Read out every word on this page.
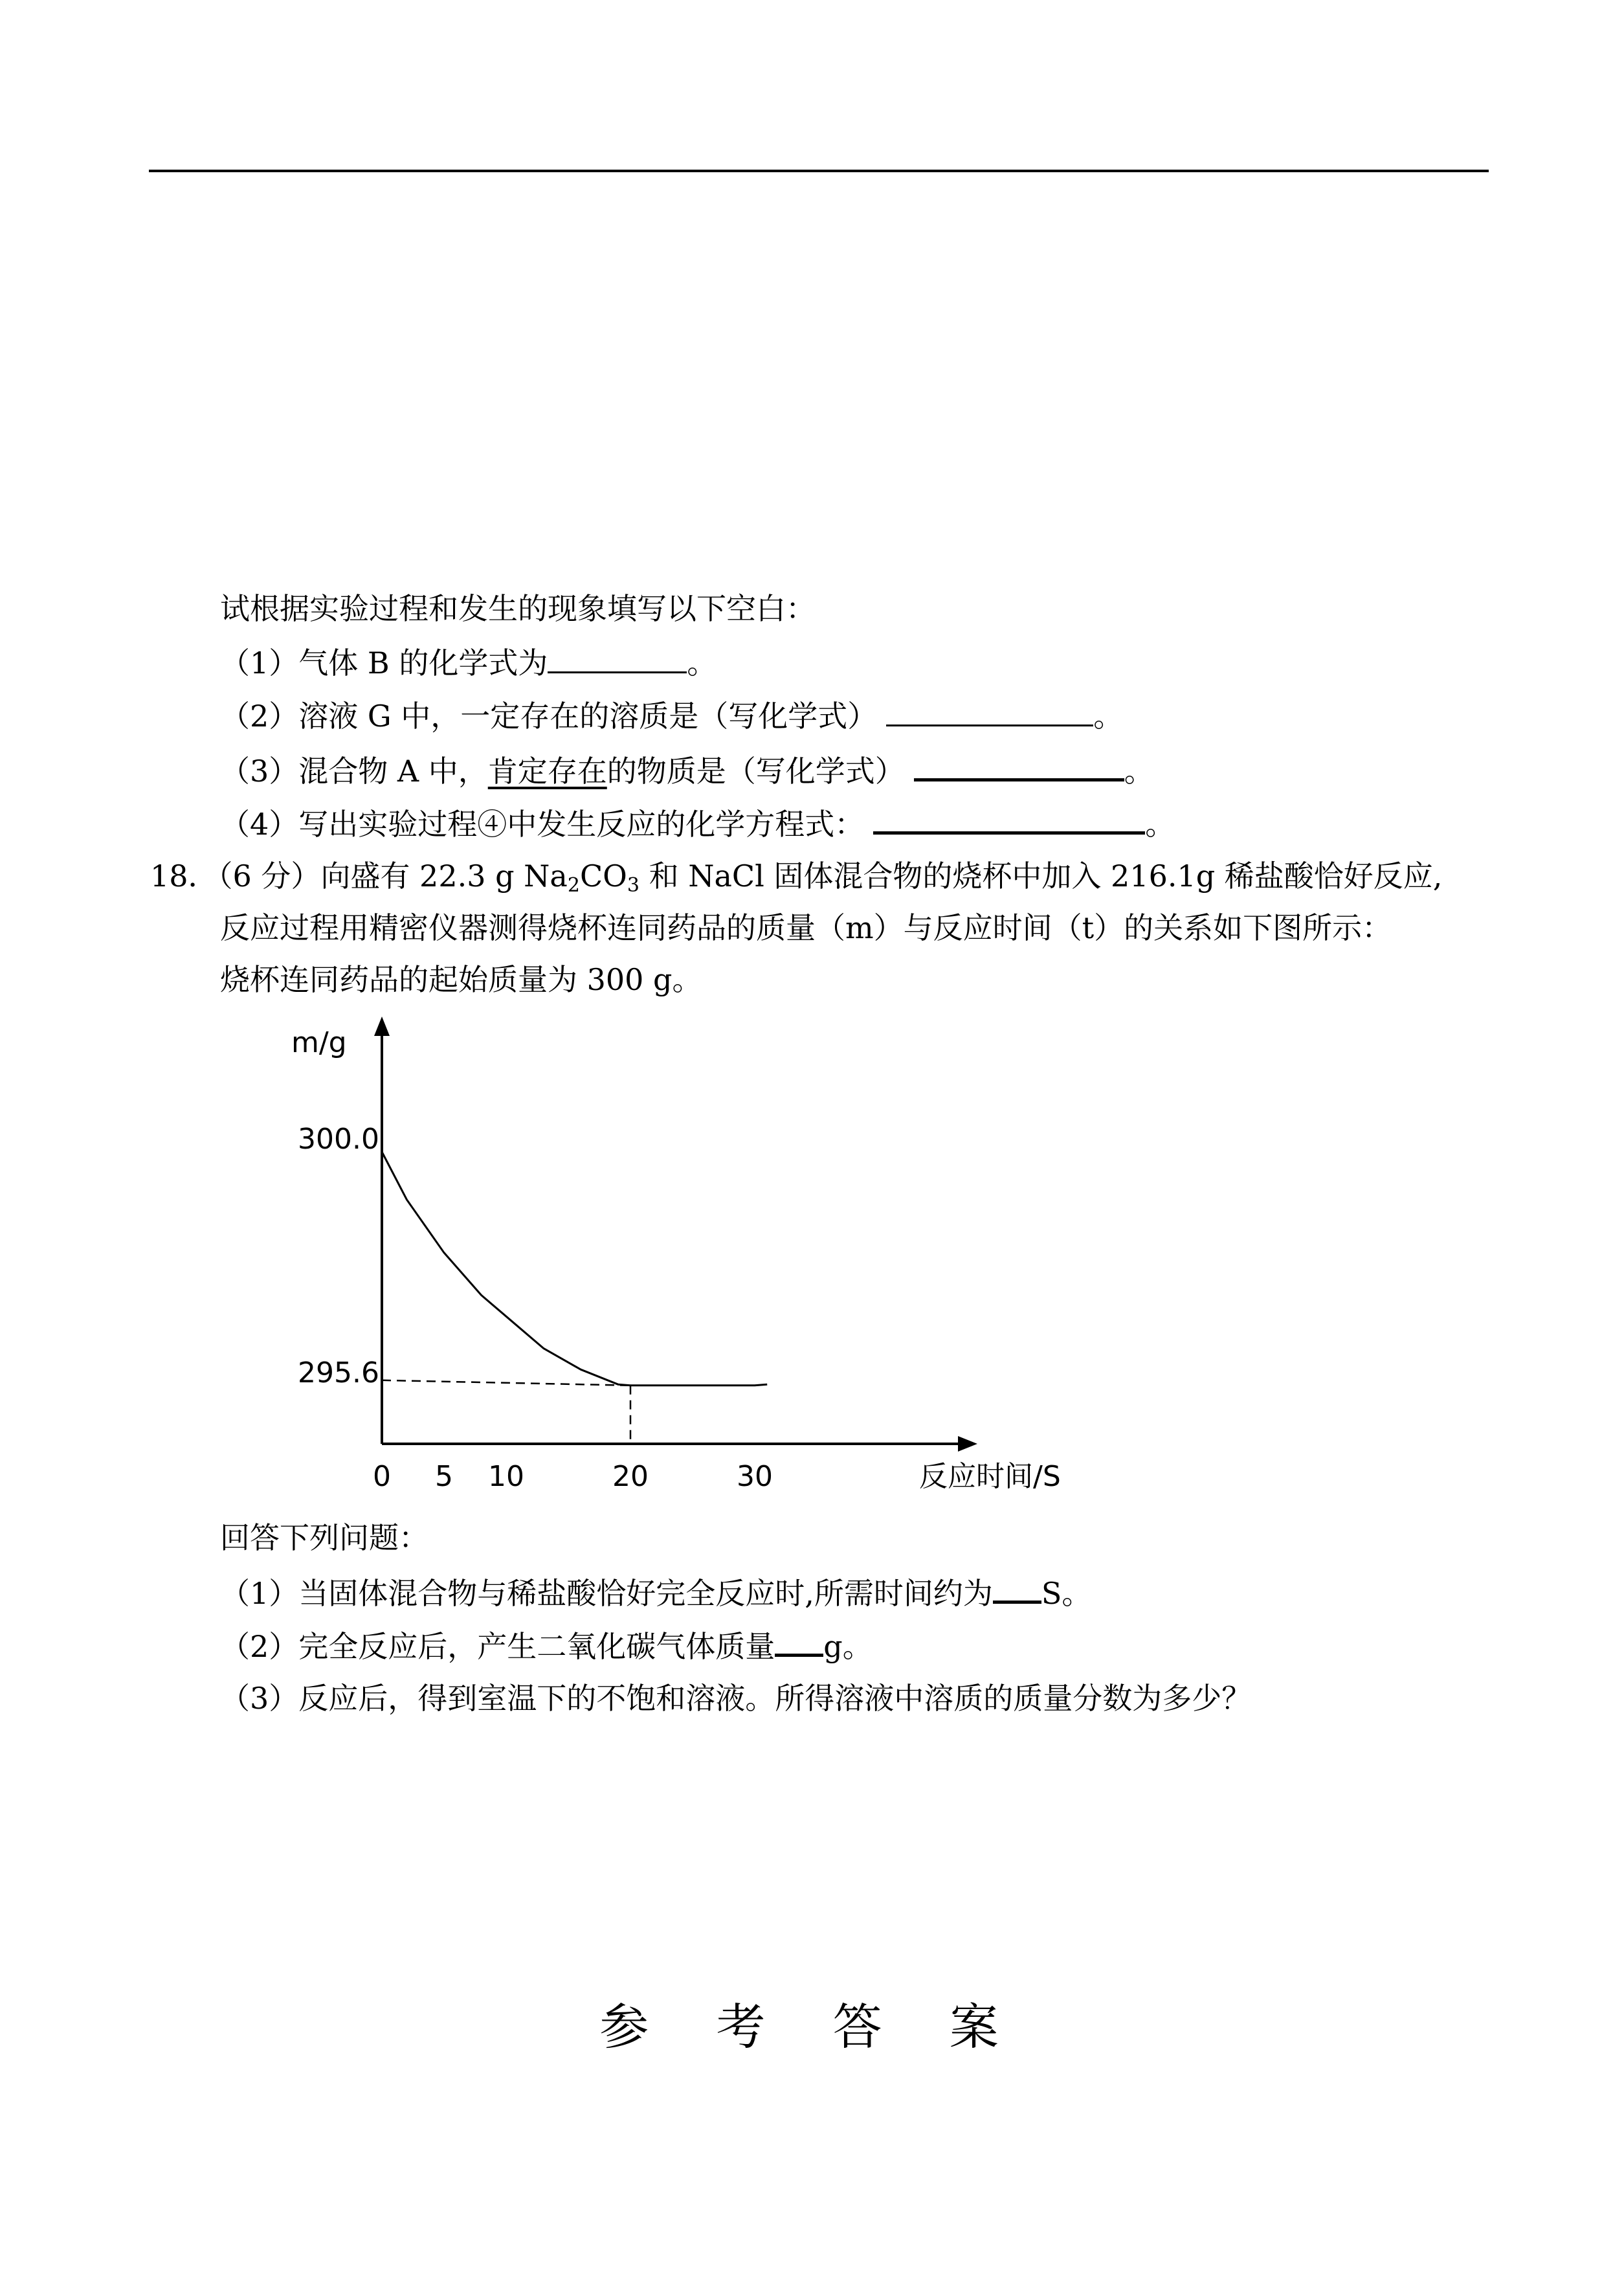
试根据实验过程和发生的现象填写以下空白：
（1）气体 B 的化学式为	。
（2）溶液 G 中，一定存在的溶质是（写化学式）	。
（3）混合物 A 中，肯定存在的物质是（写化学式）	。
（4）写出实验过程④中发生反应的化学方程式：	。
18．（6 分）向盛有 22.3 g $Na_2CO_3$ 和 NaCl 固体混合物的烧杯中加入 216.1g 稀盐酸恰好反应,
反应过程用精密仪器测得烧杯连同药品的质量（m）与反应时间（t）的关系如下图所示：
烧杯连同药品的起始质量为 300 g。
m/g
300.0
295.6
0 5 10	20	30	反应时间/S
回答下列问题：
（1）当固体混合物与稀盐酸恰好完全反应时,所需时间约为 S。
（2）完全反应后，产生二氧化碳气体质量 g。
（3）反应后，得到室温下的不饱和溶液。所得溶液中溶质的质量分数为多少？
参 考 答 案
